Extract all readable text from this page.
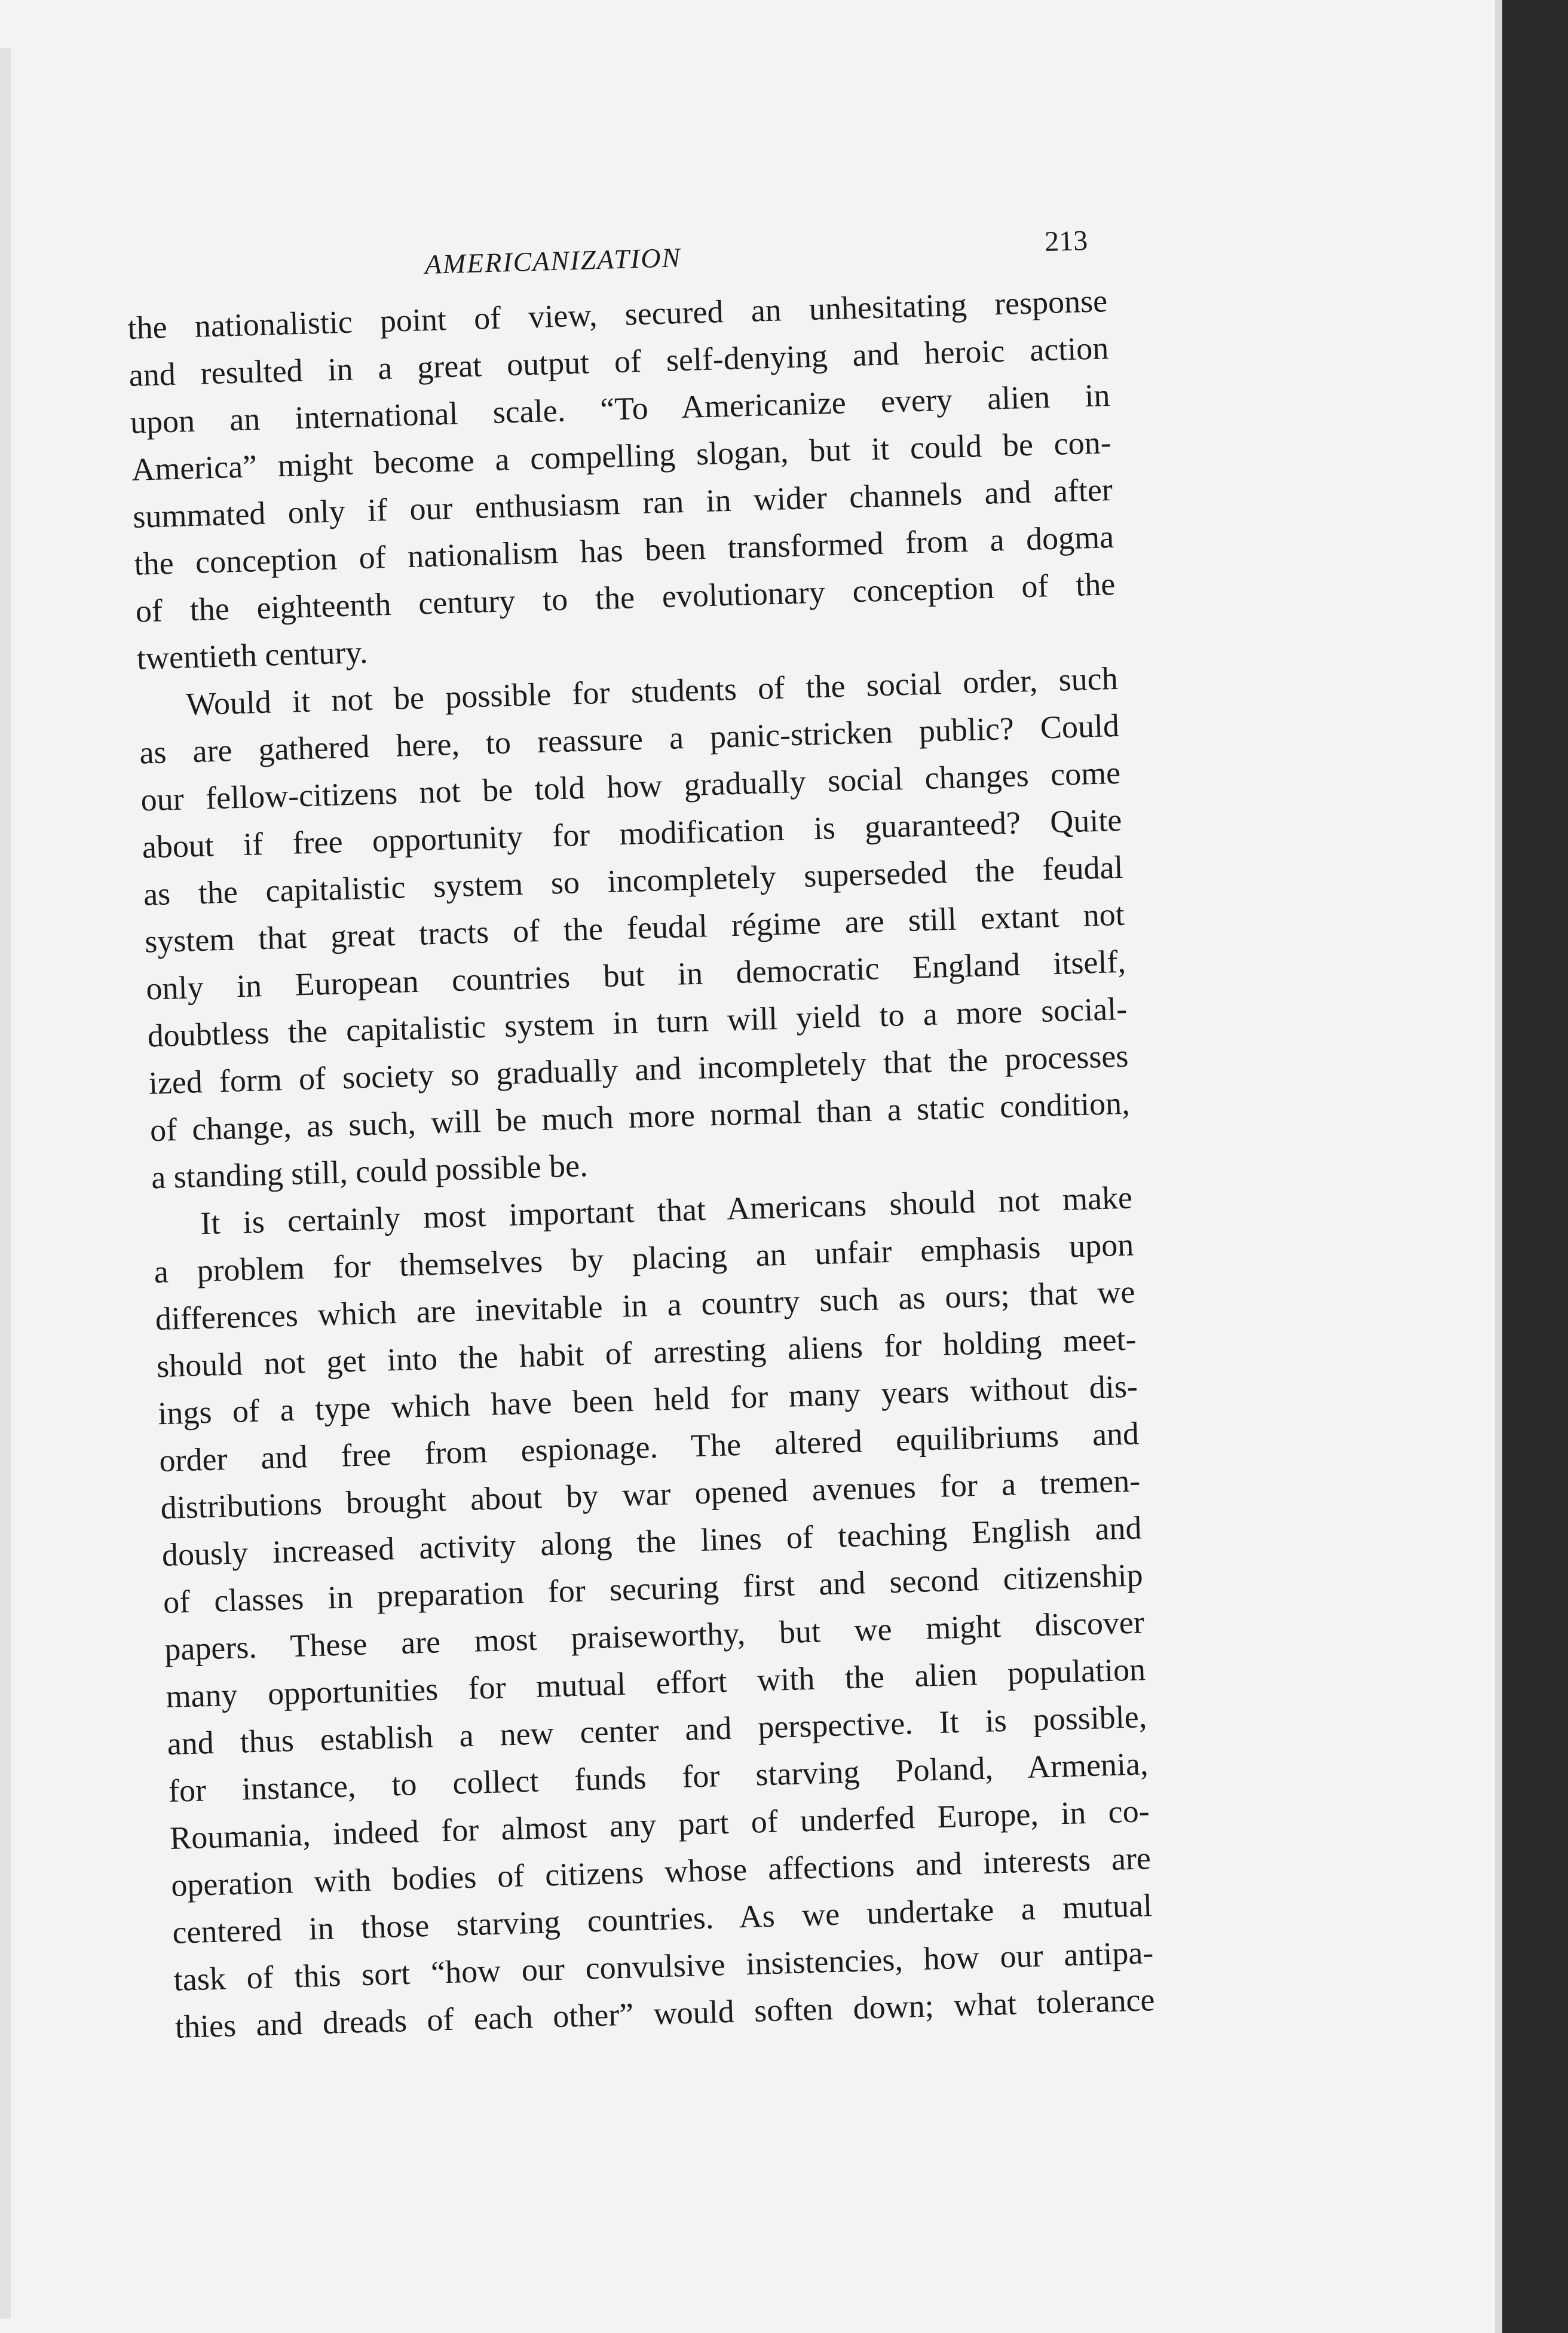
AMERICANIZATION
213

the nationalistic point of view, secured an unhesitating response
and resulted in a great output of self-denying and heroic action
upon an international scale. “To Americanize every alien in
America” might become a compelling slogan, but it could be con-
summated only if our enthusiasm ran in wider channels and after
the conception of nationalism has been transformed from a dogma
of the eighteenth century to the evolutionary conception of the
twentieth century.

Would it not be possible for students of the social order, such
as are gathered here, to reassure a panic-stricken public? Could
our fellow-citizens not be told how gradually social changes come
about if free opportunity for modification is guaranteed? Quite
as the capitalistic system so incompletely superseded the feudal
system that great tracts of the feudal régime are still extant not
only in European countries but in democratic England itself,
doubtless the capitalistic system in turn will yield to a more social-
ized form of society so gradually and incompletely that the processes
of change, as such, will be much more normal than a static condition,
a standing still, could possible be.

It is certainly most important that Americans should not make
a problem for themselves by placing an unfair emphasis upon
differences which are inevitable in a country such as ours; that we
should not get into the habit of arresting aliens for holding meet-
ings of a type which have been held for many years without dis-
order and free from espionage. The altered equilibriums and
distributions brought about by war opened avenues for a tremen-
dously increased activity along the lines of teaching English and
of classes in preparation for securing first and second citizenship
papers. These are most praiseworthy, but we might discover
many opportunities for mutual effort with the alien population
and thus establish a new center and perspective. It is possible,
for instance, to collect funds for starving Poland, Armenia,
Roumania, indeed for almost any part of underfed Europe, in co-
operation with bodies of citizens whose affections and interests are
centered in those starving countries. As we undertake a mutual
task of this sort “how our convulsive insistencies, how our antipa-
thies and dreads of each other” would soften down; what tolerance
